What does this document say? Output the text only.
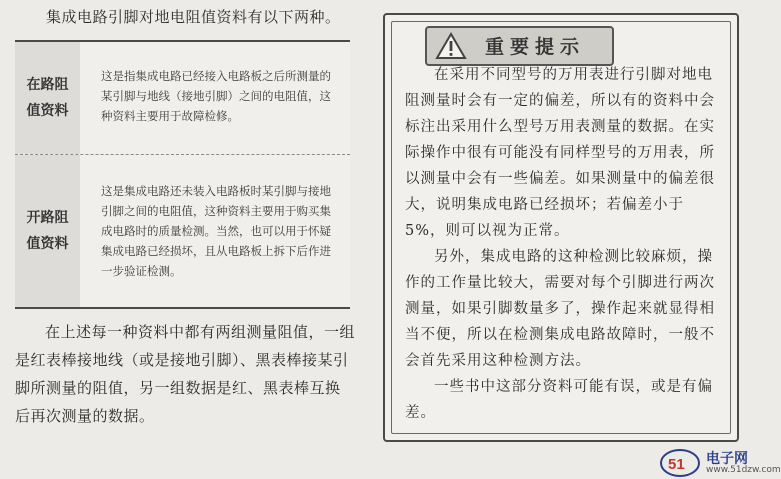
集成电路引脚对地电阻值资料有以下两种。
在路阻值资料
这是指集成电路已经接入电路板之后所测量的某引脚与地线（接地引脚）之间的电阻值，这种资料主要用于故障检修。
开路阻值资料
这是集成电路还未装入电路板时某引脚与接地引脚之间的电阻值，这种资料主要用于购买集成电路时的质量检测。当然，也可以用于怀疑集成电路已经损坏，且从电路板上拆下后作进一步验证检测。
在上述每一种资料中都有两组测量阻值，一组是红表棒接地线（或是接地引脚）、黑表棒接某引脚所测量的阻值，另一组数据是红、黑表棒互换后再次测量的数据。
重要提示

在采用不同型号的万用表进行引脚对地电阻测量时会有一定的偏差，所以有的资料中会标注出采用什么型号万用表测量的数据。在实际操作中很有可能没有同样型号的万用表，所以测量中会有一些偏差。如果测量中的偏差很大，说明集成电路已经损坏；若偏差小于5%，则可以视为正常。

另外，集成电路的这种检测比较麻烦，操作的工作量比较大，需要对每个引脚进行两次测量，如果引脚数量多了，操作起来就显得相当不便，所以在检测集成电路故障时，一般不会首先采用这种检测方法。

一些书中这部分资料可能有误，或是有偏差。

51 电子网
www.51dzw.com
